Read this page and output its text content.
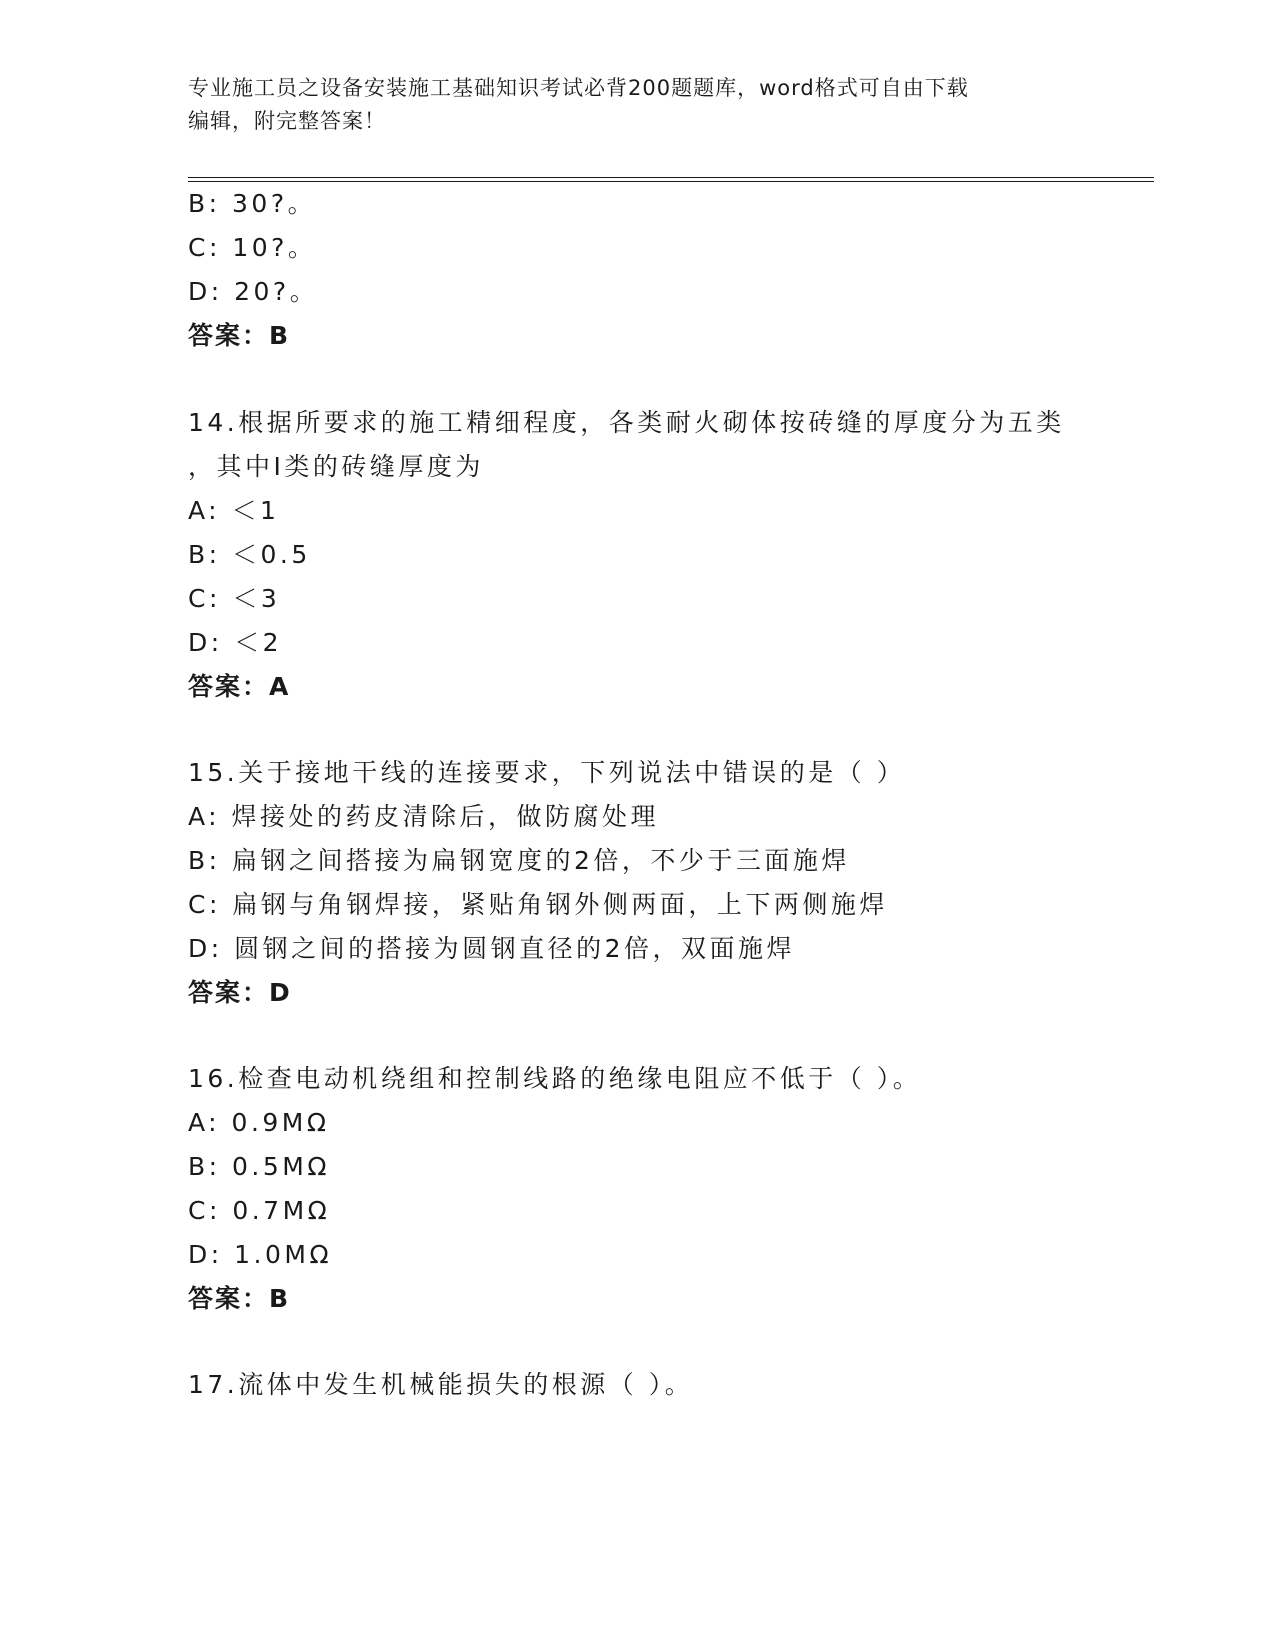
专业施工员之设备安装施工基础知识考试必背200题题库，word格式可自由下载
编辑，附完整答案！
B: 30?。
C: 10?。
D: 20?。
答案：B
14.根据所要求的施工精细程度，各类耐火砌体按砖缝的厚度分为五类
，其中Ⅰ类的砖缝厚度为
A: ＜1
B: ＜0.5
C: ＜3
D: ＜2
答案：A
15.关于接地干线的连接要求，下列说法中错误的是（ ）
A: 焊接处的药皮清除后，做防腐处理
B: 扁钢之间搭接为扁钢宽度的2倍，不少于三面施焊
C: 扁钢与角钢焊接，紧贴角钢外侧两面，上下两侧施焊
D: 圆钢之间的搭接为圆钢直径的2倍，双面施焊
答案：D
16.检查电动机绕组和控制线路的绝缘电阻应不低于（ ）。
A: 0.9MΩ
B: 0.5MΩ
C: 0.7MΩ
D: 1.0MΩ
答案：B
17.流体中发生机械能损失的根源（ ）。
